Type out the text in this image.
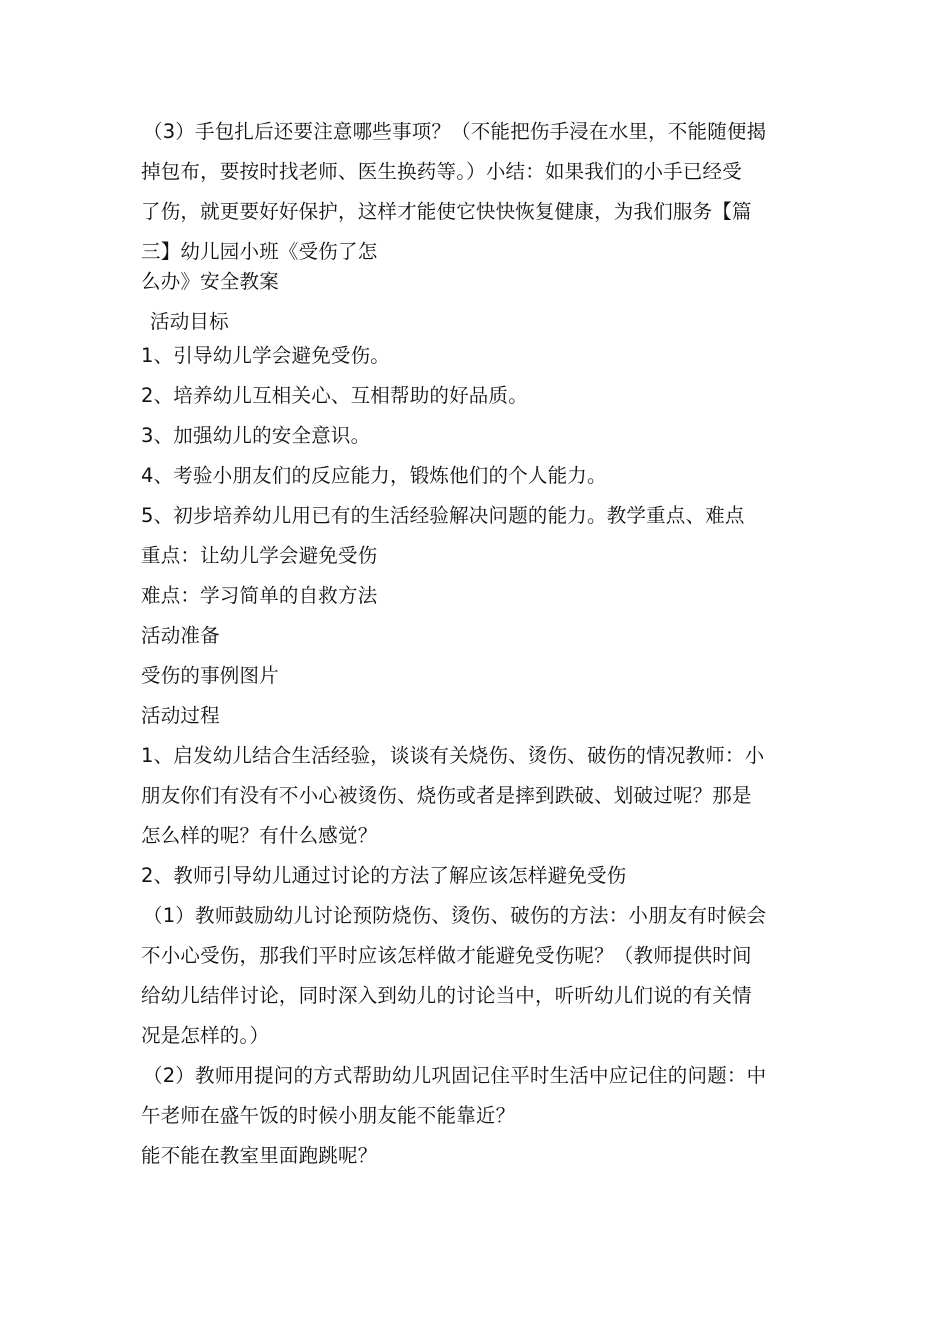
（3）手包扎后还要注意哪些事项？（不能把伤手浸在水里，不能随便揭
掉包布，要按时找老师、医生换药等。）小结：如果我们的小手已经受
了伤，就更要好好保护，这样才能使它快快恢复健康，为我们服务【篇
三】幼儿园小班《受伤了怎
么办》安全教案
活动目标
1、引导幼儿学会避免受伤。
2、培养幼儿互相关心、互相帮助的好品质。
3、加强幼儿的安全意识。
4、考验小朋友们的反应能力，锻炼他们的个人能力。
5、初步培养幼儿用已有的生活经验解决问题的能力。教学重点、难点
重点：让幼儿学会避免受伤
难点：学习简单的自救方法
活动准备
受伤的事例图片
活动过程
1、启发幼儿结合生活经验，谈谈有关烧伤、烫伤、破伤的情况教师：小
朋友你们有没有不小心被烫伤、烧伤或者是摔到跌破、划破过呢？那是
怎么样的呢？有什么感觉？
2、教师引导幼儿通过讨论的方法了解应该怎样避免受伤
（1）教师鼓励幼儿讨论预防烧伤、烫伤、破伤的方法：小朋友有时候会
不小心受伤，那我们平时应该怎样做才能避免受伤呢？（教师提供时间
给幼儿结伴讨论，同时深入到幼儿的讨论当中，听听幼儿们说的有关情
况是怎样的。）
（2）教师用提问的方式帮助幼儿巩固记住平时生活中应记住的问题：中
午老师在盛午饭的时候小朋友能不能靠近？
能不能在教室里面跑跳呢？
